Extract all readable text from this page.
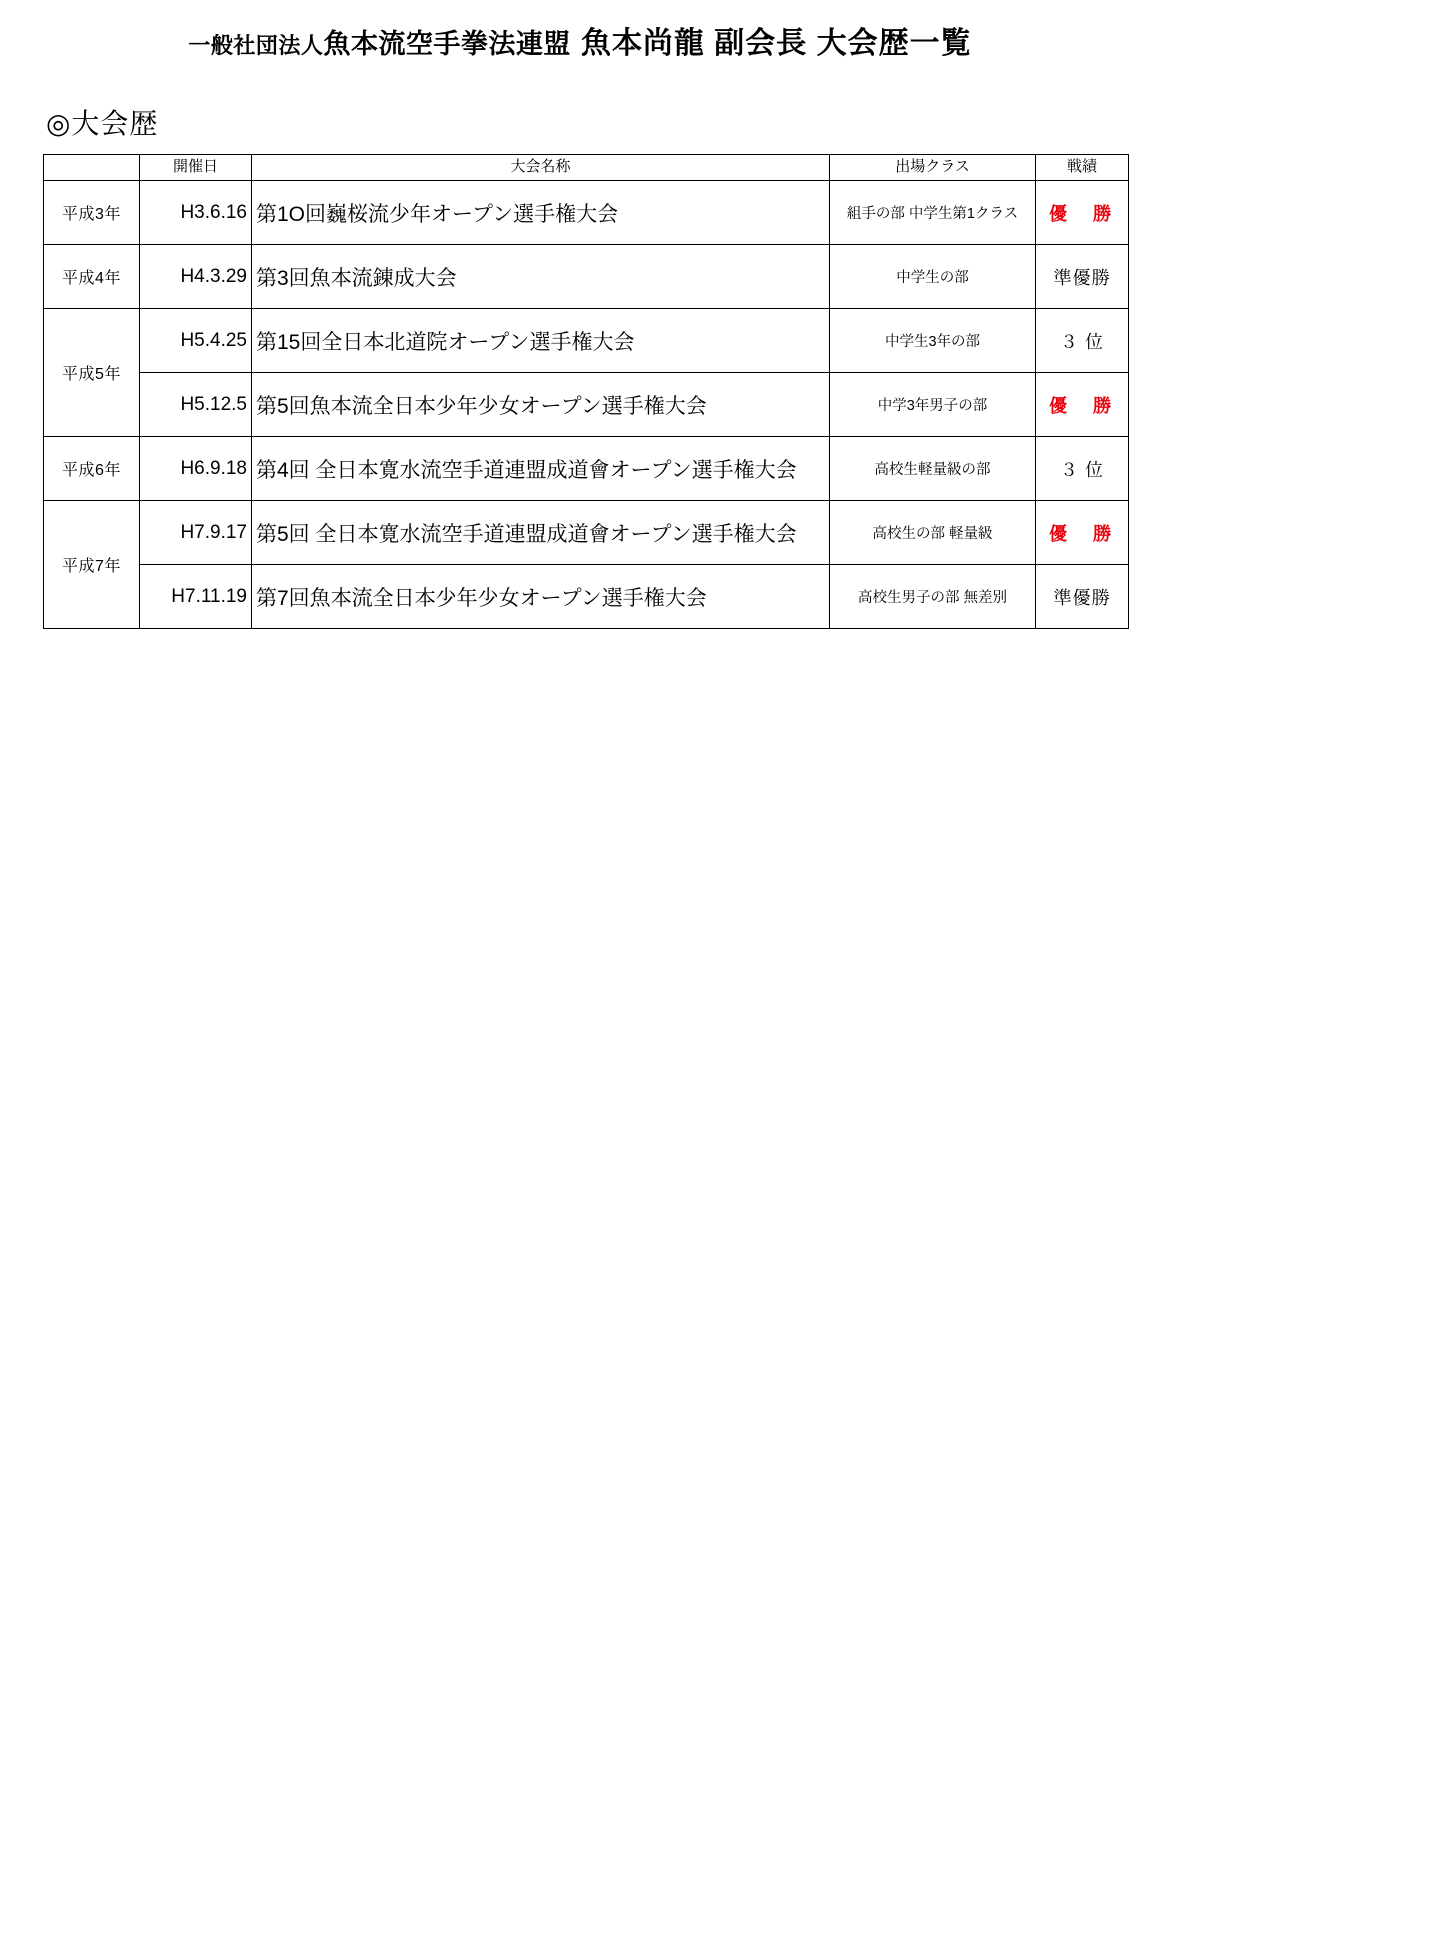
一般社団法人魚本流空手拳法連盟 魚本尚龍 副会長 大会歴一覧
◎大会歴
	開催日	大会名称	出場クラス	戦績
平成3年	H3.6.16	第1O回巍桜流少年オープン選手権大会	組手の部 中学生第1クラス	優　勝
平成4年	H4.3.29	第3回魚本流錬成大会	中学生の部	準優勝
平成5年	H5.4.25	第15回全日本北道院オープン選手権大会	中学生3年の部	３ 位
	H5.12.5	第5回魚本流全日本少年少女オープン選手権大会	中学3年男子の部	優　勝
平成6年	H6.9.18	第4回 全日本寛水流空手道連盟成道會オープン選手権大会	高校生軽量級の部	３ 位
平成7年	H7.9.17	第5回 全日本寛水流空手道連盟成道會オープン選手権大会	高校生の部 軽量級	優　勝
	H7.11.19	第7回魚本流全日本少年少女オープン選手権大会	高校生男子の部 無差別	準優勝
